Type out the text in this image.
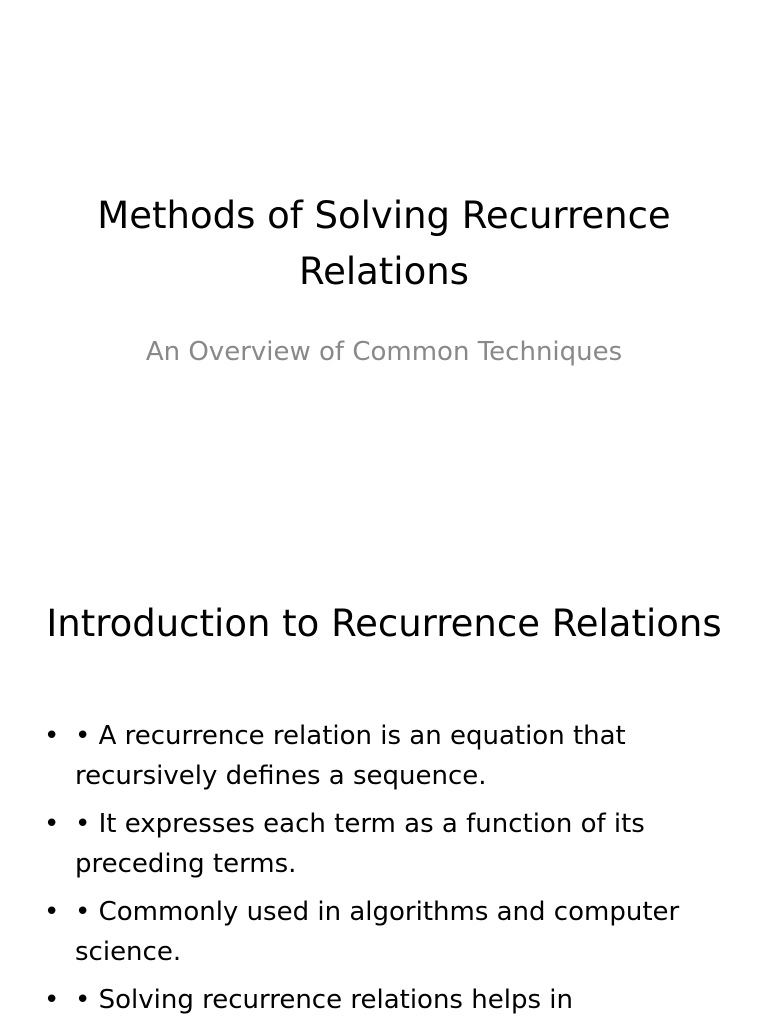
Methods of Solving Recurrence Relations

An Overview of Common Techniques

Introduction to Recurrence Relations
• • A recurrence relation is an equation that recursively defines a sequence.
• • It expresses each term as a function of its preceding terms.
• • Commonly used in algorithms and computer science.
• • Solving recurrence relations helps in
